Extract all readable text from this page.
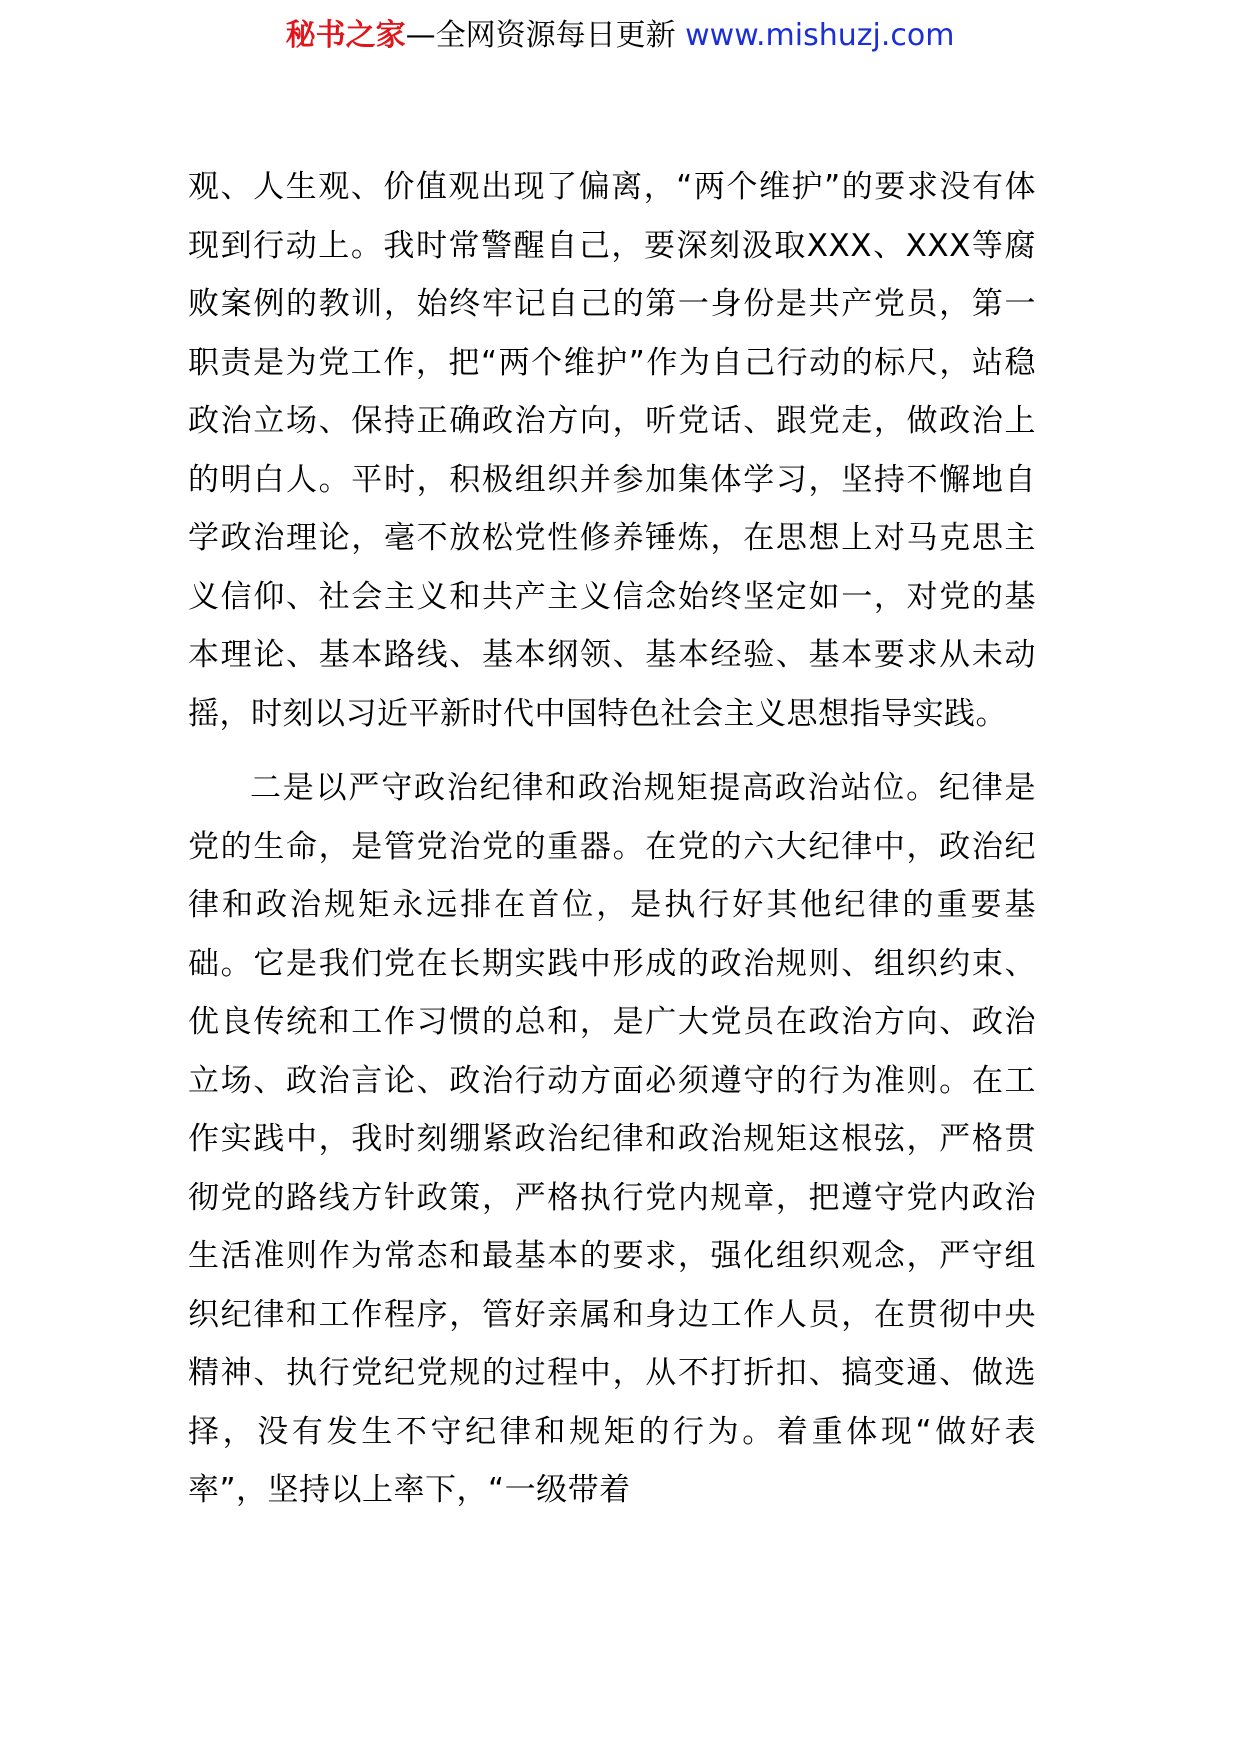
秘书之家—全网资源每日更新 www.mishuzj.com

观、人生观、价值观出现了偏离，“两个维护”的要求没有体现到行动上。我时常警醒自己，要深刻汲取XXX、XXX等腐败案例的教训，始终牢记自己的第一身份是共产党员，第一职责是为党工作，把“两个维护”作为自己行动的标尺，站稳政治立场、保持正确政治方向，听党话、跟党走，做政治上的明白人。平时，积极组织并参加集体学习，坚持不懈地自学政治理论，毫不放松党性修养锤炼，在思想上对马克思主义信仰、社会主义和共产主义信念始终坚定如一，对党的基本理论、基本路线、基本纲领、基本经验、基本要求从未动摇，时刻以习近平新时代中国特色社会主义思想指导实践。

二是以严守政治纪律和政治规矩提高政治站位。纪律是党的生命，是管党治党的重器。在党的六大纪律中，政治纪律和政治规矩永远排在首位，是执行好其他纪律的重要基础。它是我们党在长期实践中形成的政治规则、组织约束、优良传统和工作习惯的总和，是广大党员在政治方向、政治立场、政治言论、政治行动方面必须遵守的行为准则。在工作实践中，我时刻绷紧政治纪律和政治规矩这根弦，严格贯彻党的路线方针政策，严格执行党内规章，把遵守党内政治生活准则作为常态和最基本的要求，强化组织观念，严守组织纪律和工作程序，管好亲属和身边工作人员，在贯彻中央精神、执行党纪党规的过程中，从不打折扣、搞变通、做选择，没有发生不守纪律和规矩的行为。着重体现“做好表率”，坚持以上率下，“一级带着
